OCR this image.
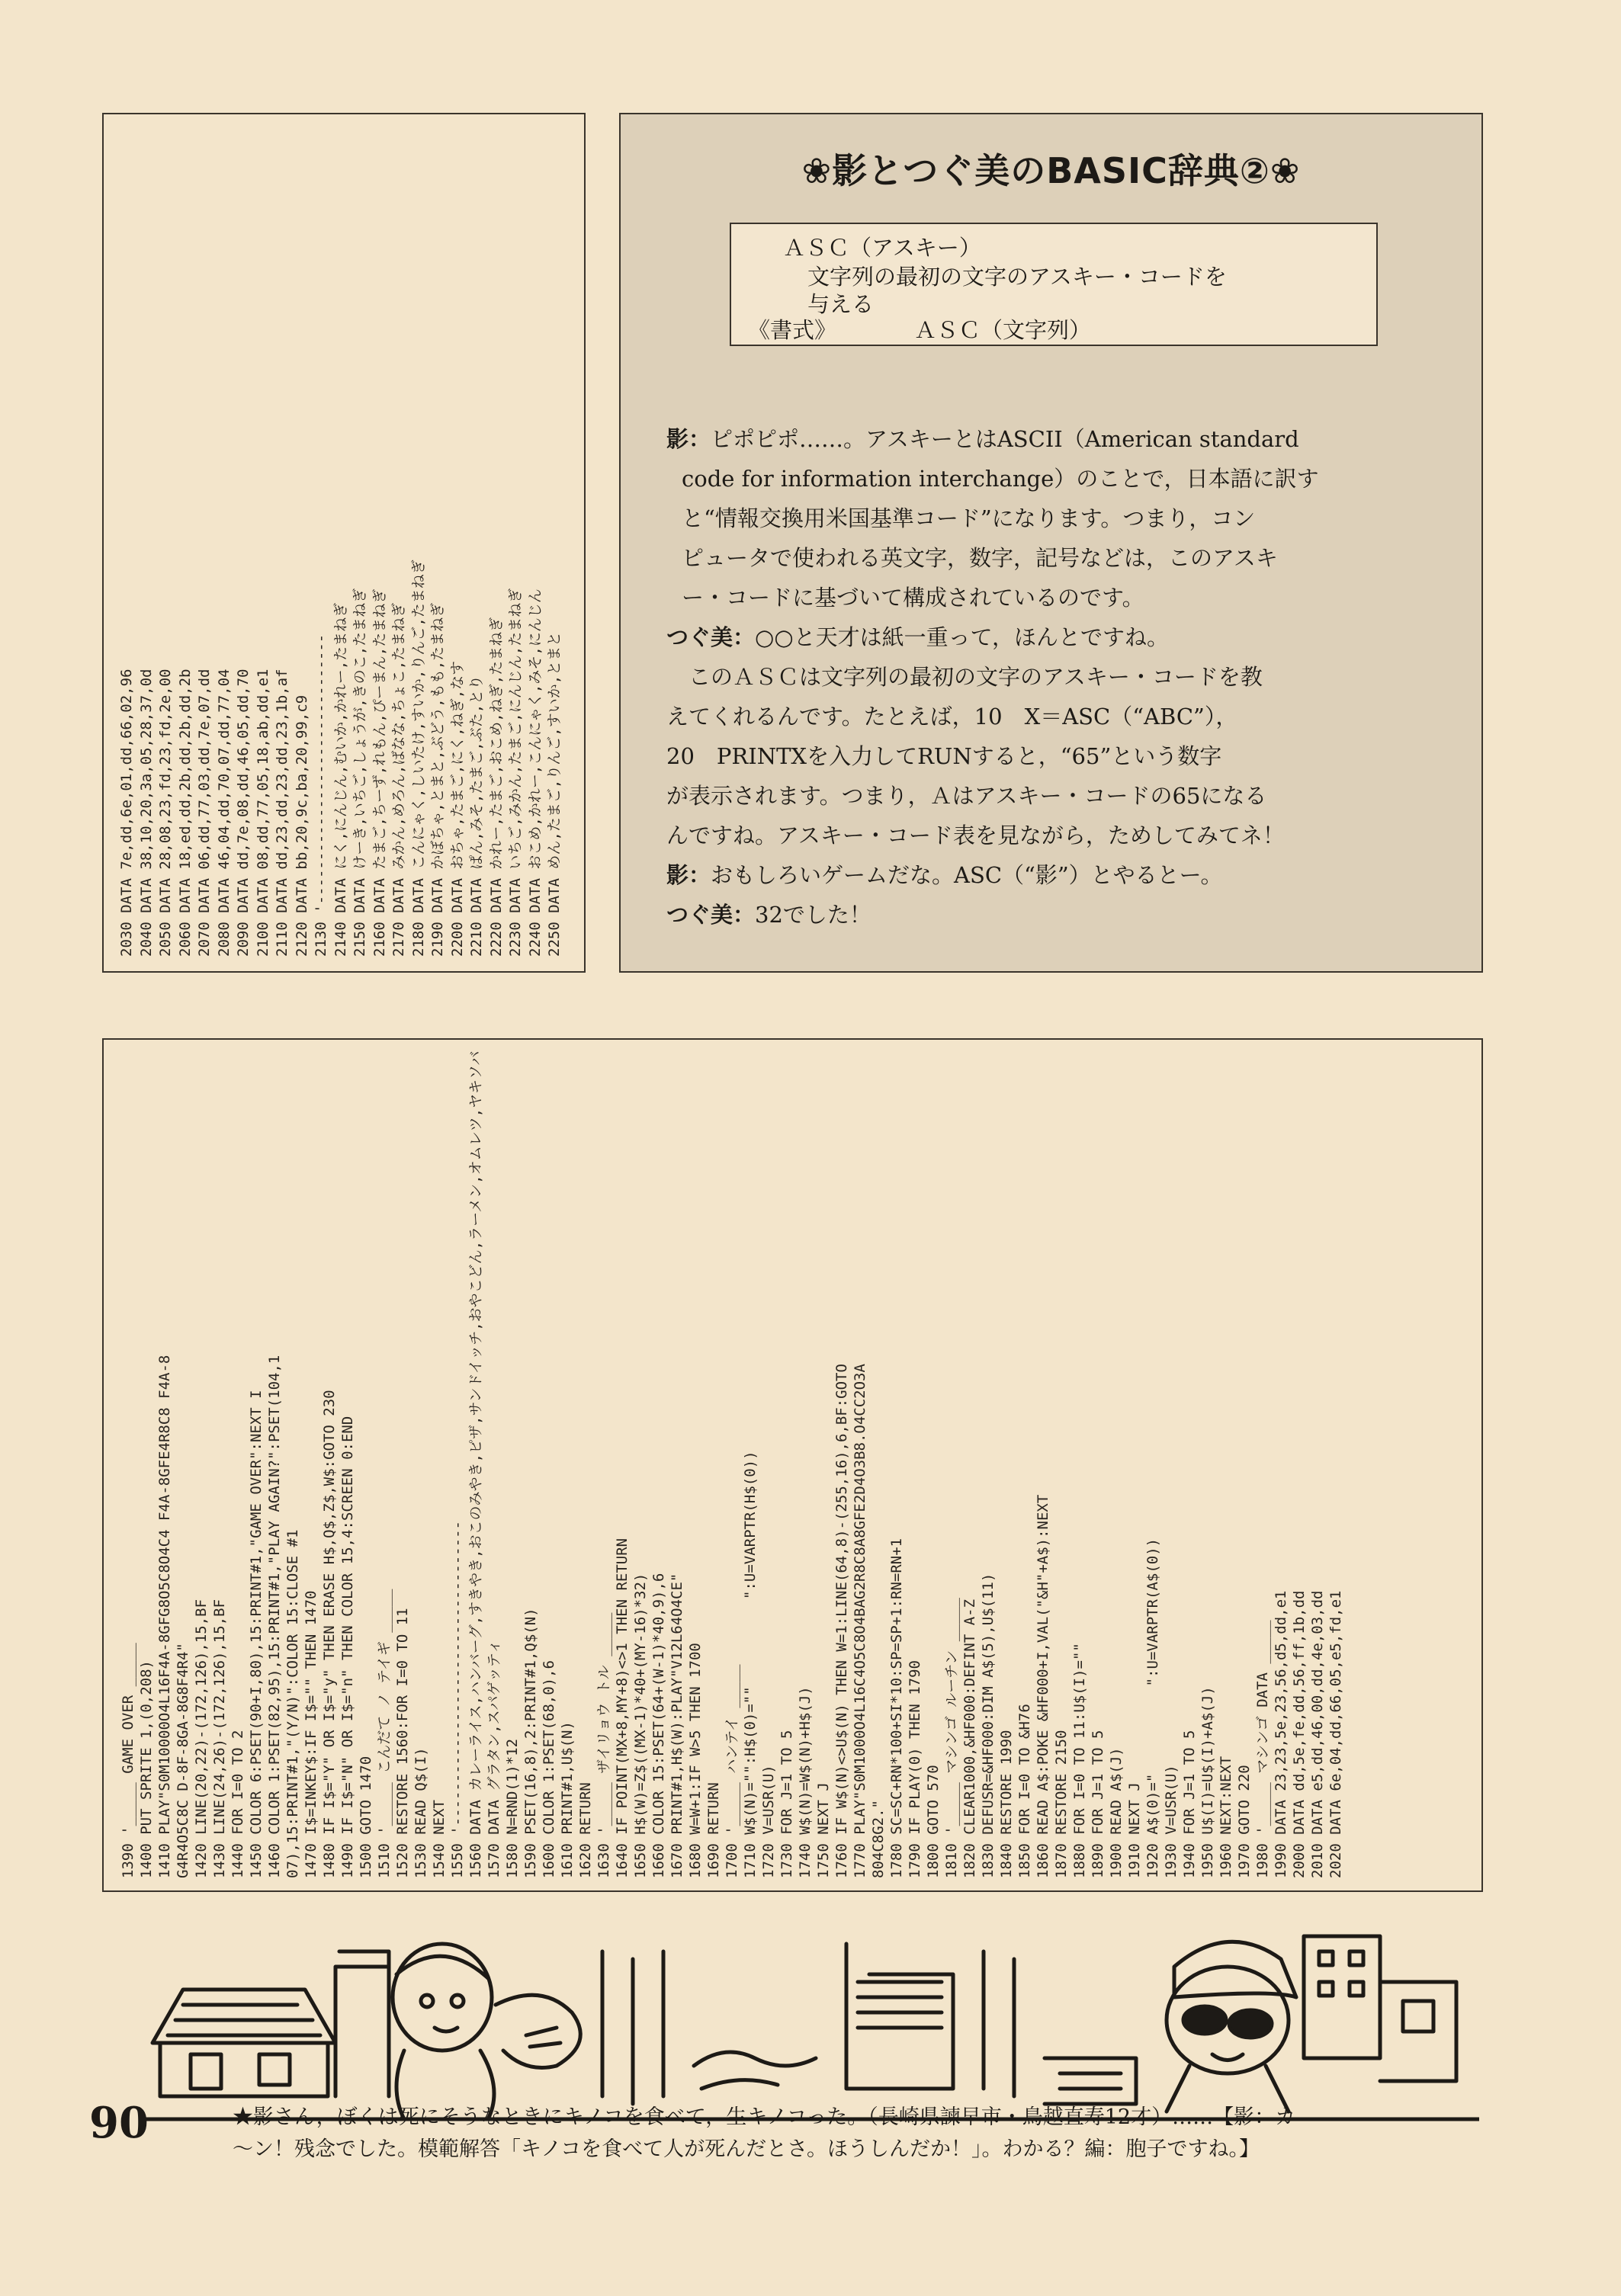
2030 DATA 7e,dd,6e,01,dd,66,02,96 2040 DATA 38,10,20,3a,05,28,37,0d 2050 DATA 28,08,23,fd,23,fd,2e,00 2060 DATA 18,ed,dd,2b,dd,2b,dd,2b 2070 DATA 06,dd,77,03,dd,7e,07,dd 2080 DATA 46,04,dd,70,07,dd,77,04 2090 DATA dd,7e,08,dd,46,05,dd,70 2100 DATA 08,dd,77,05,18,ab,dd,e1 2110 DATA dd,23,dd,23,dd,23,1b,af 2120 DATA bb,20,9c,ba,20,99,c9 2130 '------------------------------- 2140 DATA にく,にんじん,むいか,かれー,たまねぎ 2150 DATA けーき,いちご,しょうが,きのこ,たまねぎ 2160 DATA たまご,ちーず,れもん,ぴーまん,たまねぎ 2170 DATA みかん,めろん,ばなな,ちょこ,たまねぎ 2180 DATA こんにゃく,しいたけ,すいか,りんご,たまねぎ 2190 DATA かぼちゃ,とまと,ぶどう,もも,たまねぎ 2200 DATA おちゃ,たまご,にく,ねぎ,なす 2210 DATA ぱん,みそ,たまご,ぶた,とり 2220 DATA かれー,たまご,おこめ,ねぎ,たまねぎ 2230 DATA いちご,みかん,たまご,にんじん,たまねぎ 2240 DATA おこめ,かれー,こんにゃく,みそ,にんじん 2250 DATA めん,たまご,りんご,すいか,とまと
❀影とつぐ美のBASIC辞典②❀
ＡＳＣ（アスキー）
文字列の最初の文字のアスキー・コードを
与える
《書式》	ＡＳＣ（文字列）
影：ピポピポ……。アスキーとはASCII（American standard
code for information interchange）のことで，日本語に訳す
と“情報交換用米国基準コード”になります。つまり，コン
ピュータで使われる英文字，数字，記号などは，このアスキ
ー・コードに基づいて構成されているのです。
つぐ美：○○と天才は紙一重って，ほんとですね。
　このＡＳＣは文字列の最初の文字のアスキー・コードを教
えてくれるんです。たとえば，10　X＝ASC（“ABC”），
20　PRINTXを入力してRUNすると，“65”という数字
が表示されます。つまり，Ａはアスキー・コードの65になる
んですね。アスキー・コード表を見ながら，ためしてみてネ！
影：おもしろいゲームだな。ASC（“影”）とやるとー。
つぐ美：32でした！
1390 '_____ GAME OVER _____ 1400 PUT SPRITE 1,(0,208) 1410 PLAY"S0M10000O4L16F4A-8GFG8O5C8O4C4 F4A-8GFE4R8C8 F4A-8 G4R4O5C8C D-8F-8GA-8G8F4R4" 1420 LINE(20,22)-(172,126),15,BF 1430 LINE(24,26)-(172,126),15,BF 1440 FOR I=0 TO 2 1450 COLOR 6:PSET(90+I,80),15:PRINT#1,"GAME OVER":NEXT I 1460 COLOR 1:PSET(82,95),15:PRINT#1,"PLAY AGAIN?":PSET(104,1 07),15:PRINT#1,"(Y/N)":COLOR 15:CLOSE #1 1470 I$=INKEY$:IF I$="" THEN 1470 1480 IF I$="Y" OR I$="y" THEN ERASE H$,Q$,Z$,W$:GOTO 230 1490 IF I$="N" OR I$="n" THEN COLOR 15,4:SCREEN 0:END 1500 GOTO 1470 1510 '_____ こんだて ノ テイギ _____ 1520 RESTORE 1560:FOR I=0 TO 11 1530 READ Q$(I) 1540 NEXT 1550 '----------------------------------- 1560 DATA カレーライス,ハンバーグ,すきやき,おこのみやき,ピザ,サンドイッチ,おやこどん,ラーメン,オムレツ,ヤキソバ 1570 DATA グラタン,スパゲッティ 1580 N=RND(1)*12 1590 PSET(16,8),2:PRINT#1,Q$(N) 1600 COLOR 1:PSET(68,0),6 1610 PRINT#1,U$(N) 1620 RETURN 1630 '_____ ザイリョウ トル _____ 1640 IF POINT(MX+8,MY+8)<>1 THEN RETURN 1650 H$(W)=Z$((MX-1)*40+(MY-16)*32) 1660 COLOR 15:PSET(64+(W-1)*40,9),6 1670 PRINT#1,H$(W):PLAY"V12L64O4CE" 1680 W=W+1:IF W>5 THEN 1700 1690 RETURN 1700 '_____ ハンテイ _____ 1710 W$(N)="":H$(0)=""          ":U=VARPTR(H$(0)) 1720 V=USR(U) 1730 FOR J=1 TO 5 1740 W$(N)=W$(N)+H$(J) 1750 NEXT J 1760 IF W$(N)<>U$(N) THEN W=1:LINE(64,8)-(255,16),6,BF:GOTO 1770 PLAY"S0M1000O4L16C4O5C8O4BAG2R8C8A8GFE2D4O3B8.O4CC2O3A 804C8G2." 1780 SC=SC+RN*100+SI*10:SP=SP+1:RN=RN+1 1790 IF PLAY(0) THEN 1790 1800 GOTO 570 1810 '_____ マシンゴ ルーチン _____ 1820 CLEAR1000,&HF000:DEFINT A-Z 1830 DEFUSR=&HF000:DIM A$(5),U$(11) 1840 RESTORE 1990 1850 FOR I=0 TO &H76 1860 READ A$:POKE &HF000+I,VAL("&H"+A$):NEXT 1870 RESTORE 2150 1880 FOR I=0 TO 11:U$(I)="" 1890 FOR J=1 TO 5 1900 READ A$(J) 1910 NEXT J 1920 A$(0)="          ":U=VARPTR(A$(0)) 1930 V=USR(U) 1940 FOR J=1 TO 5 1950 U$(I)=U$(I)+A$(J) 1960 NEXT:NEXT 1970 GOTO 220 1980 '_____ マシンゴ DATA _____ 1990 DATA 23,23,5e,23,56,d5,dd,e1 2000 DATA dd,5e,fe,dd,56,ff,1b,dd 2010 DATA e5,dd,46,00,dd,4e,03,dd 2020 DATA 6e,04,dd,66,05,e5,fd,e1
90	★影さん，ぼくは死にそうなときにキノコを食べて，生キノコった。（長崎県諫早市・鳥越直寿12才）……【影：カ
〜ン！残念でした。模範解答「キノコを食べて人が死んだとさ。ほうしんだか！」。わかる？編：胞子ですね。】
